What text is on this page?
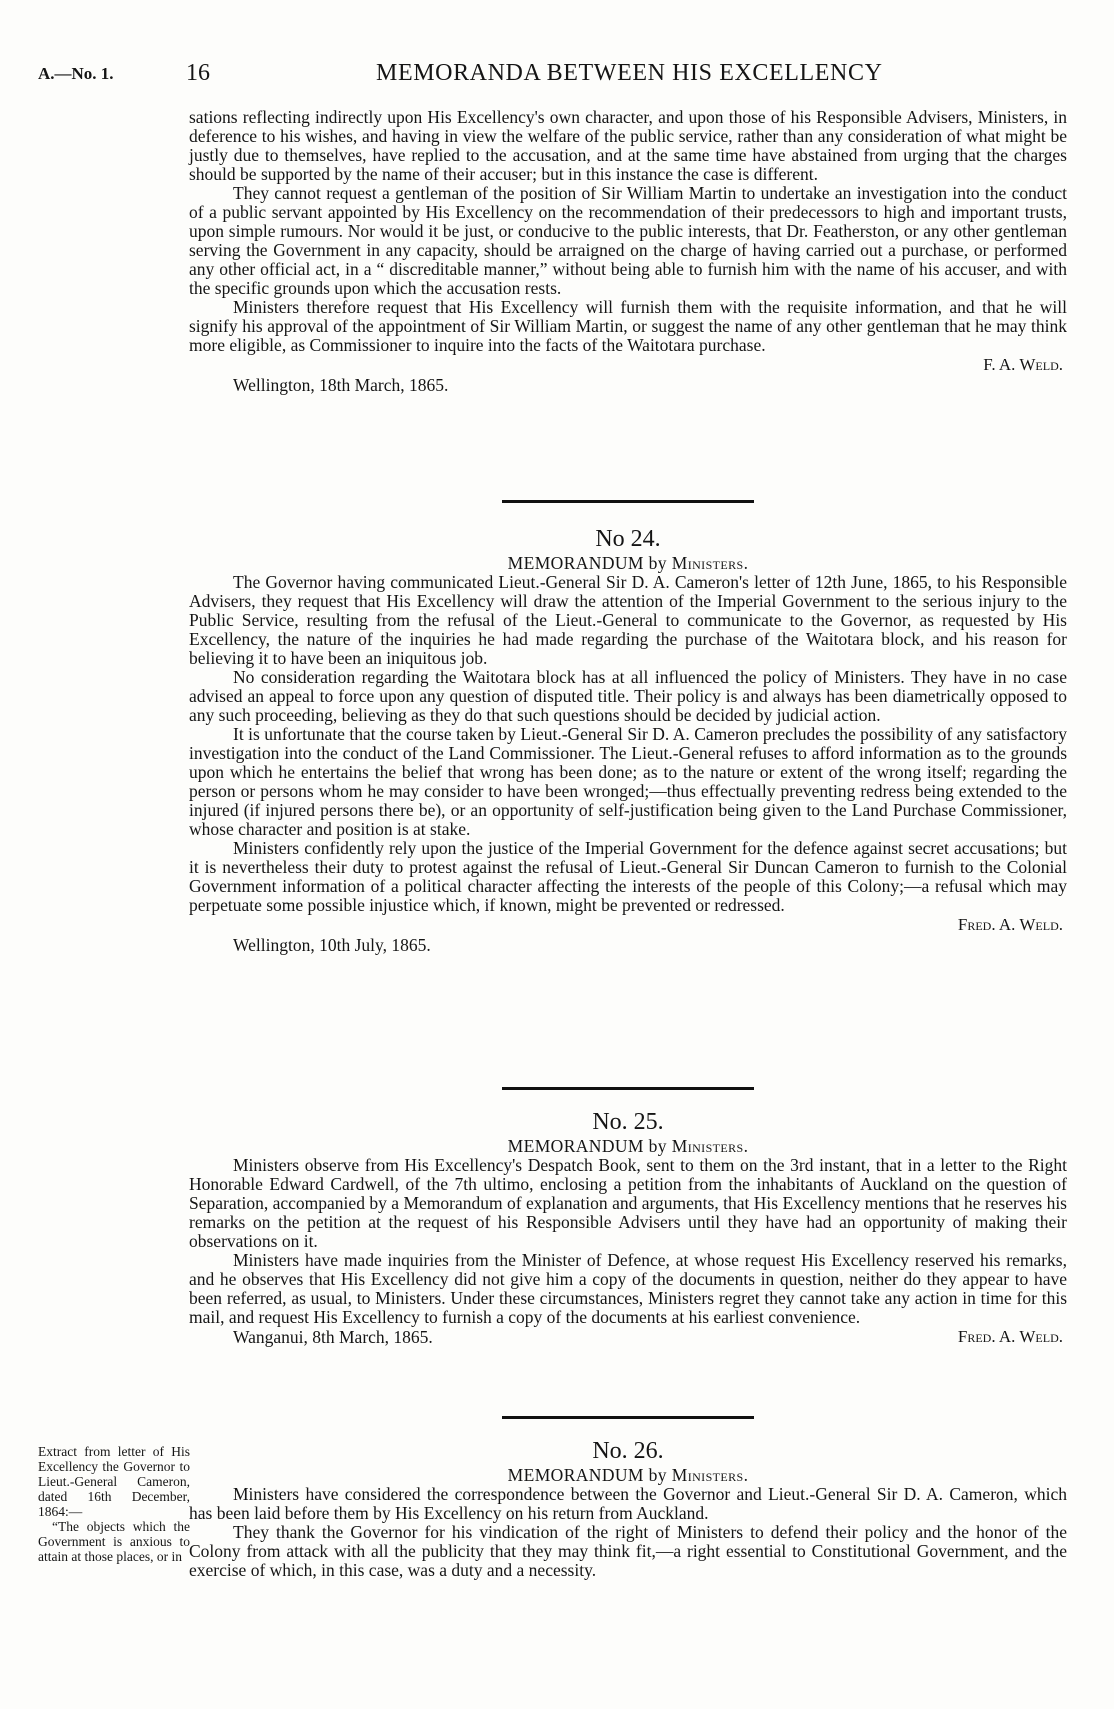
A.—No. 1.	16	MEMORANDA BETWEEN HIS EXCELLENCY

sations reflecting indirectly upon His Excellency's own character, and upon those of his Responsible Advisers, Ministers, in deference to his wishes, and having in view the welfare of the public service, rather than any consideration of what might be justly due to themselves, have replied to the accusation, and at the same time have abstained from urging that the charges should be supported by the name of their accuser; but in this instance the case is different.

They cannot request a gentleman of the position of Sir William Martin to undertake an investigation into the conduct of a public servant appointed by His Excellency on the recommendation of their predecessors to high and important trusts, upon simple rumours. Nor would it be just, or conducive to the public interests, that Dr. Featherston, or any other gentleman serving the Government in any capacity, should be arraigned on the charge of having carried out a purchase, or performed any other official act, in a “ discreditable manner,” without being able to furnish him with the name of his accuser, and with the specific grounds upon which the accusation rests.

Ministers therefore request that His Excellency will furnish them with the requisite information, and that he will signify his approval of the appointment of Sir William Martin, or suggest the name of any other gentleman that he may think more eligible, as Commissioner to inquire into the facts of the Waitotara purchase.

F. A. Weld.
Wellington, 18th March, 1865.
No 24.
MEMORANDUM by Ministers.

The Governor having communicated Lieut.-General Sir D. A. Cameron's letter of 12th June, 1865, to his Responsible Advisers, they request that His Excellency will draw the attention of the Imperial Government to the serious injury to the Public Service, resulting from the refusal of the Lieut.-General to communicate to the Governor, as requested by His Excellency, the nature of the inquiries he had made regarding the purchase of the Waitotara block, and his reason for believing it to have been an iniquitous job.

No consideration regarding the Waitotara block has at all influenced the policy of Ministers. They have in no case advised an appeal to force upon any question of disputed title. Their policy is and always has been diametrically opposed to any such proceeding, believing as they do that such questions should be decided by judicial action.

It is unfortunate that the course taken by Lieut.-General Sir D. A. Cameron precludes the possibility of any satisfactory investigation into the conduct of the Land Commissioner. The Lieut.-General refuses to afford information as to the grounds upon which he entertains the belief that wrong has been done; as to the nature or extent of the wrong itself; regarding the person or persons whom he may consider to have been wronged;—thus effectually preventing redress being extended to the injured (if injured persons there be), or an opportunity of self-justification being given to the Land Purchase Commissioner, whose character and position is at stake.

Ministers confidently rely upon the justice of the Imperial Government for the defence against secret accusations; but it is nevertheless their duty to protest against the refusal of Lieut.-General Sir Duncan Cameron to furnish to the Colonial Government information of a political character affecting the interests of the people of this Colony;—a refusal which may perpetuate some possible injustice which, if known, might be prevented or redressed.

Fred. A. Weld.
Wellington, 10th July, 1865.
No. 25.
MEMORANDUM by Ministers.

Ministers observe from His Excellency's Despatch Book, sent to them on the 3rd instant, that in a letter to the Right Honorable Edward Cardwell, of the 7th ultimo, enclosing a petition from the inhabitants of Auckland on the question of Separation, accompanied by a Memorandum of explanation and arguments, that His Excellency mentions that he reserves his remarks on the petition at the request of his Responsible Advisers until they have had an opportunity of making their observations on it.

Ministers have made inquiries from the Minister of Defence, at whose request His Excellency reserved his remarks, and he observes that His Excellency did not give him a copy of the documents in question, neither do they appear to have been referred, as usual, to Ministers. Under these circumstances, Ministers regret they cannot take any action in time for this mail, and request His Excellency to furnish a copy of the documents at his earliest convenience.

Wanganui, 8th March, 1865.	Fred. A. Weld.
No. 26.
MEMORANDUM by Ministers.

Ministers have considered the correspondence between the Governor and Lieut.-General Sir D. A. Cameron, which has been laid before them by His Excellency on his return from Auckland.

They thank the Governor for his vindication of the right of Ministers to defend their policy and the honor of the Colony from attack with all the publicity that they may think fit,—a right essential to Constitutional Government, and the exercise of which, in this case, was a duty and a necessity.

Extract from letter of His Excellency the Governor to Lieut.-General Cameron, dated 16th December, 1864:—

“The objects which the Government is anxious to attain at those places, or in
